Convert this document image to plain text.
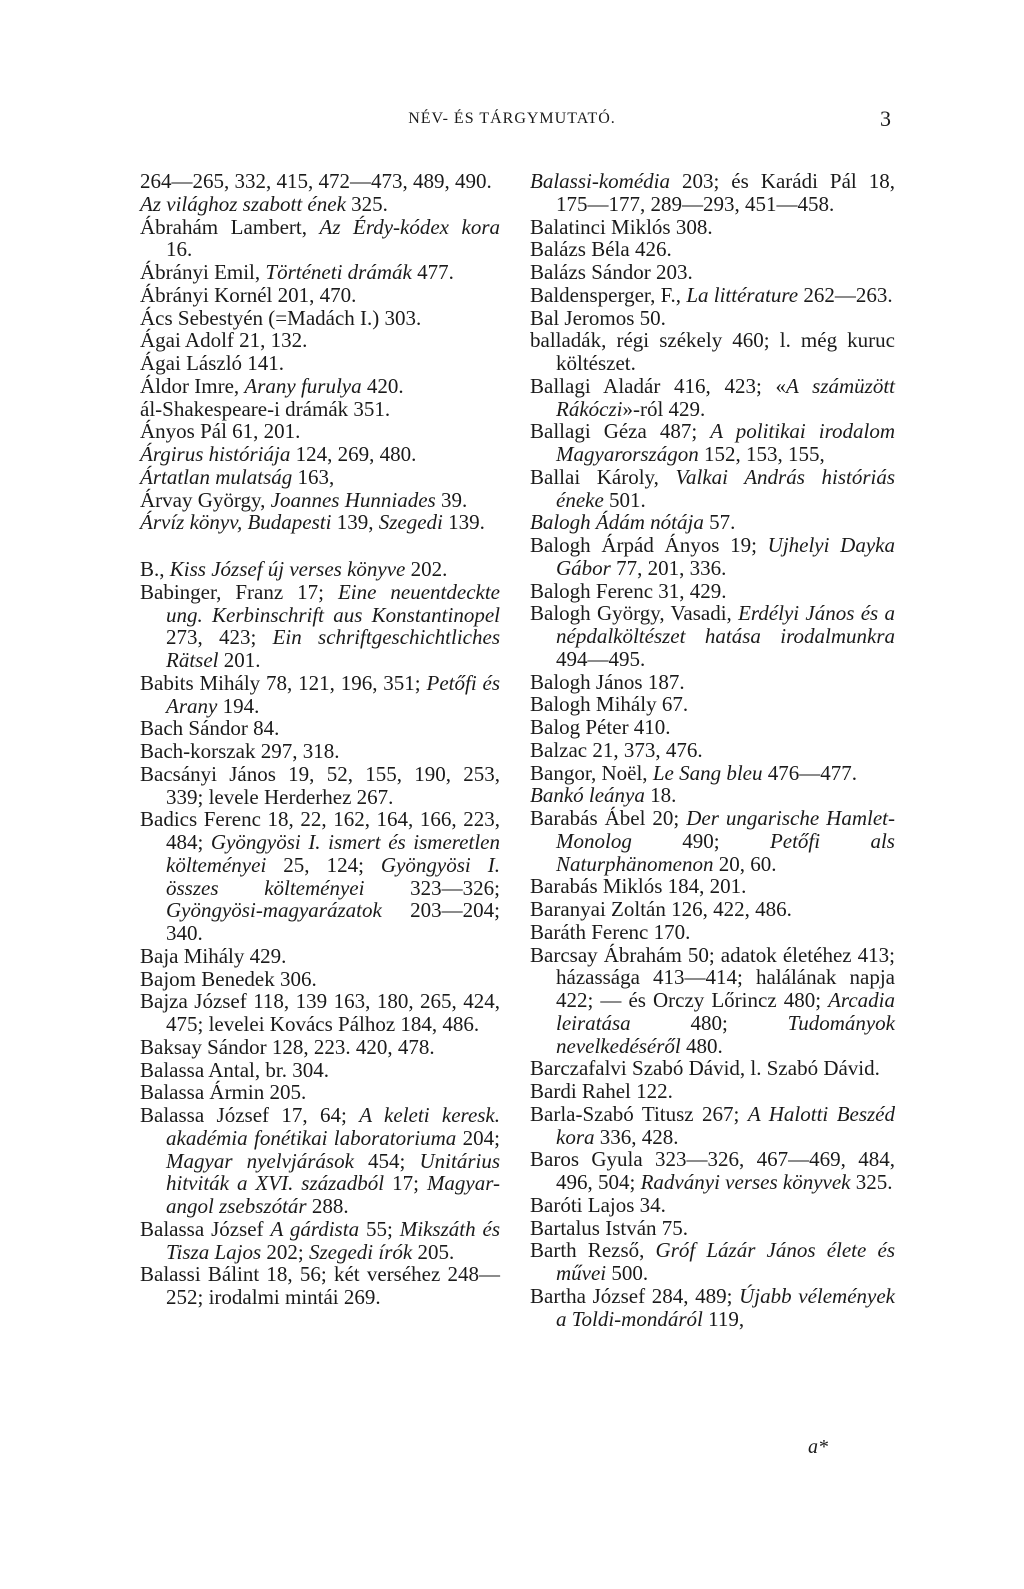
NÉV- ÉS TÁRGYMUTATÓ.	3

264—265, 332, 415, 472—473, 489, 490.

Az világhoz szabott ének 325.

Ábrahám Lambert, Az Érdy-kódex kora 16.

Ábrányi Emil, Történeti drámák 477.

Ábrányi Kornél 201, 470.

Ács Sebestyén (=Madách I.) 303.

Ágai Adolf 21, 132.

Ágai László 141.

Áldor Imre, Arany furulya 420.

ál-Shakespeare-i drámák 351.

Ányos Pál 61, 201.

Árgirus históriája 124, 269, 480.

Ártatlan mulatság 163,

Árvay György, Joannes Hunniades 39.

Árvíz könyv, Budapesti 139, Szegedi 139.

B., Kiss József új verses könyve 202.

Babinger, Franz 17; Eine neuentdeckte ung. Kerbinschrift aus Konstantinopel 273, 423; Ein schriftgeschichtliches Rätsel 201.

Babits Mihály 78, 121, 196, 351; Petőfi és Arany 194.

Bach Sándor 84.

Bach-korszak 297, 318.

Bacsányi János 19, 52, 155, 190, 253, 339; levele Herderhez 267.

Badics Ferenc 18, 22, 162, 164, 166, 223, 484; Gyöngyösi I. ismert és ismeretlen költeményei 25, 124; Gyöngyösi I. összes költeményei 323—326; Gyöngyösi-magyarázatok 203—204; 340.

Baja Mihály 429.

Bajom Benedek 306.

Bajza József 118, 139 163, 180, 265, 424, 475; levelei Kovács Pálhoz 184, 486.

Baksay Sándor 128, 223. 420, 478.

Balassa Antal, br. 304.

Balassa Ármin 205.

Balassa József 17, 64; A keleti keresk. akadémia fonétikai laboratoriuma 204; Magyar nyelvjárások 454; Unitárius hitviták a XVI. századból 17; Magyar-angol zsebszótár 288.

Balassa József A gárdista 55; Mikszáth és Tisza Lajos 202; Szegedi írók 205.

Balassi Bálint 18, 56; két verséhez 248—252; irodalmi mintái 269.

Balassi-komédia 203; és Karádi Pál 18, 175—177, 289—293, 451—458.

Balatinci Miklós 308.

Balázs Béla 426.

Balázs Sándor 203.

Baldensperger, F., La littérature 262—263.

Bal Jeromos 50.

balladák, régi székely 460; l. még kuruc költészet.

Ballagi Aladár 416, 423; «A számüzött Rákóczi»-ról 429.

Ballagi Géza 487; A politikai irodalom Magyarországon 152, 153, 155,

Ballai Károly, Valkai András históriás éneke 501.

Balogh Ádám nótája 57.

Balogh Árpád Ányos 19; Ujhelyi Dayka Gábor 77, 201, 336.

Balogh Ferenc 31, 429.

Balogh György, Vasadi, Erdélyi János és a népdalköltészet hatása irodalmunkra 494—495.

Balogh János 187.

Balogh Mihály 67.

Balog Péter 410.

Balzac 21, 373, 476.

Bangor, Noël, Le Sang bleu 476—477.

Bankó leánya 18.

Barabás Ábel 20; Der ungarische Hamlet-Monolog 490; Petőfi als Naturphänomenon 20, 60.

Barabás Miklós 184, 201.

Baranyai Zoltán 126, 422, 486.

Baráth Ferenc 170.

Barcsay Ábrahám 50; adatok életéhez 413; házassága 413—414; halálának napja 422; — és Orczy Lőrincz 480; Arcadia leiratása 480; Tudományok nevelkedéséről 480.

Barczafalvi Szabó Dávid, l. Szabó Dávid.

Bardi Rahel 122.

Barla-Szabó Titusz 267; A Halotti Beszéd kora 336, 428.

Baros Gyula 323—326, 467—469, 484, 496, 504; Radványi verses könyvek 325.

Baróti Lajos 34.

Bartalus István 75.

Barth Rezső, Gróf Lázár János élete és művei 500.

Bartha József 284, 489; Újabb vélemények a Toldi-mondáról 119,

a*
